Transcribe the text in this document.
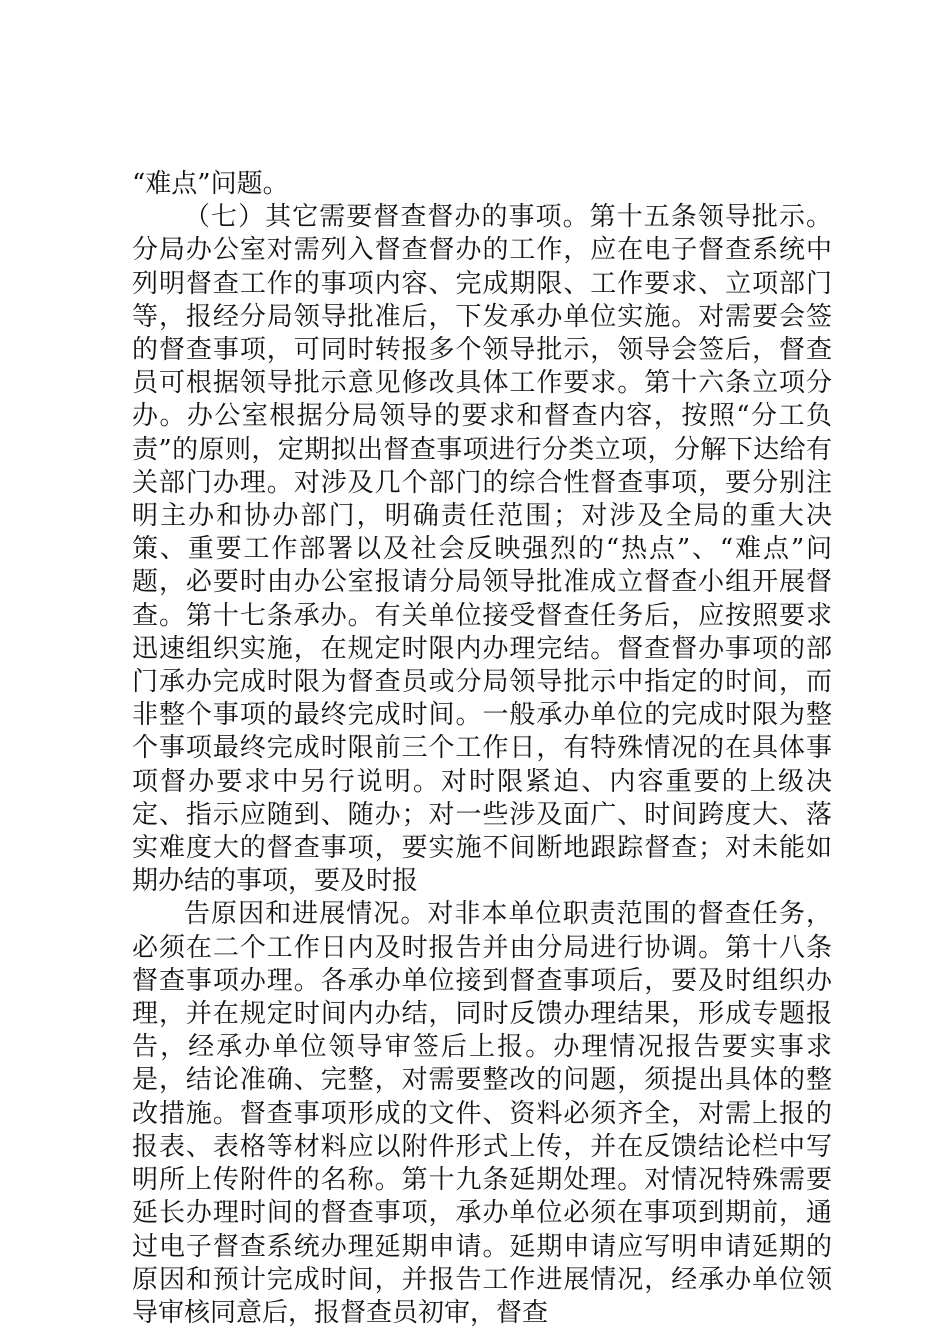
“难点”问题。

（七）其它需要督查督办的事项。第十五条领导批示。分局办公室对需列入督查督办的工作，应在电子督查系统中列明督查工作的事项内容、完成期限、工作要求、立项部门等，报经分局领导批准后，下发承办单位实施。对需要会签的督查事项，可同时转报多个领导批示，领导会签后，督查员可根据领导批示意见修改具体工作要求。第十六条立项分办。办公室根据分局领导的要求和督查内容，按照“分工负责”的原则，定期拟出督查事项进行分类立项，分解下达给有关部门办理。对涉及几个部门的综合性督查事项，要分别注明主办和协办部门，明确责任范围；对涉及全局的重大决策、重要工作部署以及社会反映强烈的“热点”、“难点”问题，必要时由办公室报请分局领导批准成立督查小组开展督查。第十七条承办。有关单位接受督查任务后，应按照要求迅速组织实施，在规定时限内办理完结。督查督办事项的部门承办完成时限为督查员或分局领导批示中指定的时间，而非整个事项的最终完成时间。一般承办单位的完成时限为整个事项最终完成时限前三个工作日，有特殊情况的在具体事项督办要求中另行说明。对时限紧迫、内容重要的上级决定、指示应随到、随办；对一些涉及面广、时间跨度大、落实难度大的督查事项，要实施不间断地跟踪督查；对未能如期办结的事项，要及时报

告原因和进展情况。对非本单位职责范围的督查任务，必须在二个工作日内及时报告并由分局进行协调。第十八条督查事项办理。各承办单位接到督查事项后，要及时组织办理，并在规定时间内办结，同时反馈办理结果，形成专题报告，经承办单位领导审签后上报。办理情况报告要实事求是，结论准确、完整，对需要整改的问题，须提出具体的整改措施。督查事项形成的文件、资料必须齐全，对需上报的报表、表格等材料应以附件形式上传，并在反馈结论栏中写明所上传附件的名称。第十九条延期处理。对情况特殊需要延长办理时间的督查事项，承办单位必须在事项到期前，通过电子督查系统办理延期申请。延期申请应写明申请延期的原因和预计完成时间，并报告工作进展情况，经承办单位领导审核同意后，报督查员初审，督查
